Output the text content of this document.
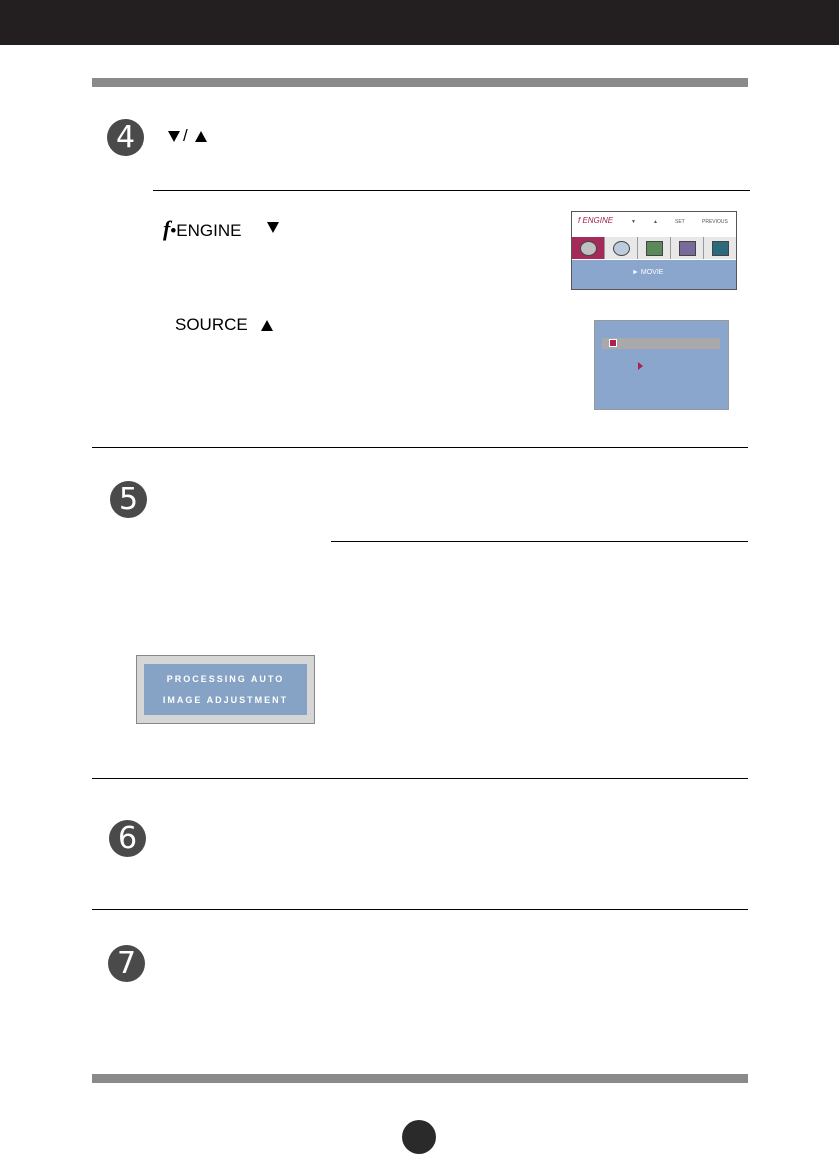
4	/
f•ENGINE
f ENGINE	▼	▲	SET	PREVIOUS
► MOVIE
SOURCE
5
PROCESSING AUTO
IMAGE ADJUSTMENT
6
7
